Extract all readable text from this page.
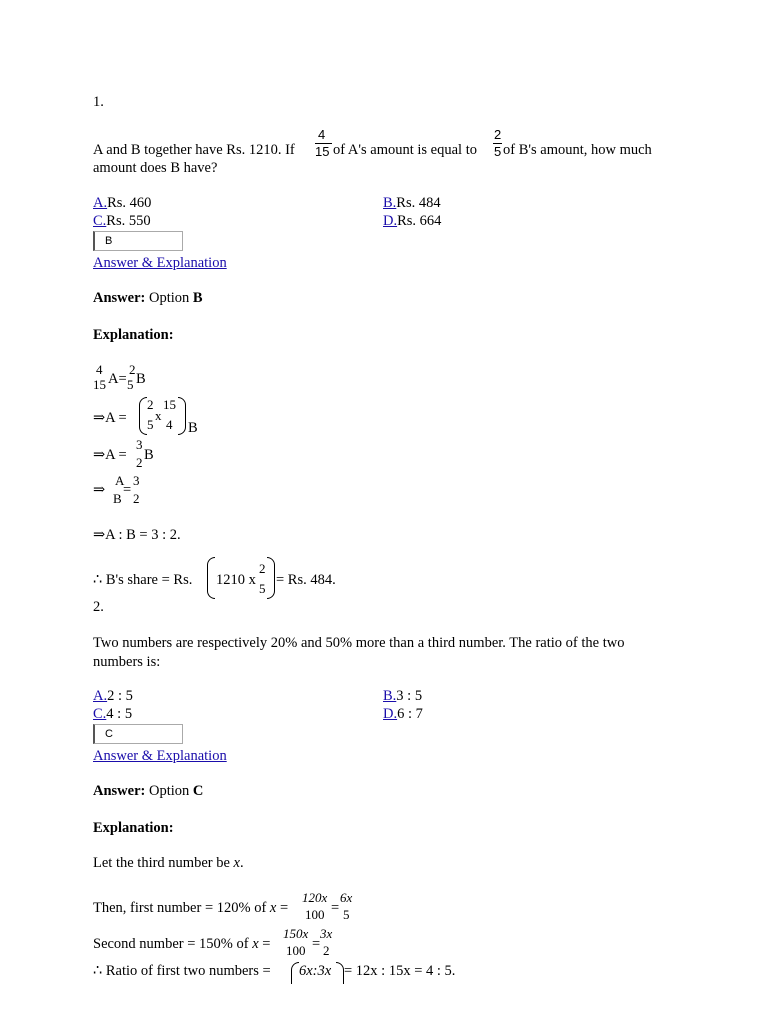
1.
A and B together have Rs. 1210. If
4
15 of A's amount is equal to
2
5 of B's amount, how much
amount does B have?
A.Rs. 460	B.Rs. 484
C.Rs. 550	D.Rs. 664
B
Answer & Explanation
Answer: Option B
Explanation:
4
15 A=
2
5 B
⇒A =
2
5
x
15
4 B
⇒A =
3
2 B
⇒
A
B
=
3
2
⇒A : B = 3 : 2.
∴ B's share = Rs. 1210 x
2
5
= Rs. 484.
2.
Two numbers are respectively 20% and 50% more than a third number. The ratio of the two
numbers is:
A.2 : 5	B.3 : 5
C.4 : 5	D.6 : 7
C
Answer & Explanation
Answer: Option C
Explanation:
Let the third number be x.
Then, first number = 120% of x =
120x
100 =
6x
5
Second number = 150% of x =
150x
100 =
3x
2
∴ Ratio of first two numbers = 6x:3x = 12x : 15x = 4 : 5.
